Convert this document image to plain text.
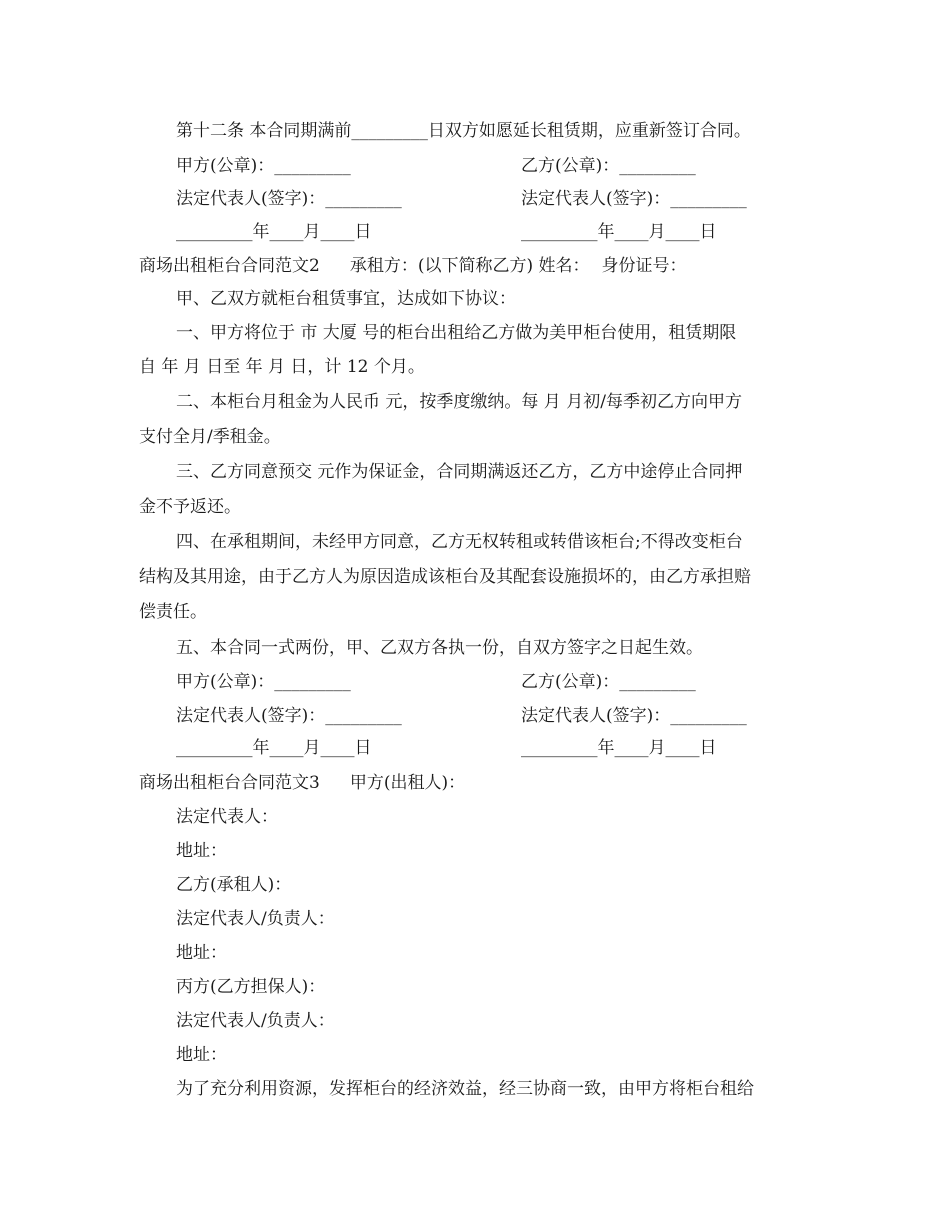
第十二条 本合同期满前_________日双方如愿延长租赁期，应重新签订合同。
甲方(公章)：_________	乙方(公章)：_________
法定代表人(签字)：_________	法定代表人(签字)：_________
_________年____月____日	_________年____月____日
商场出租柜台合同范文2 承租方：(以下简称乙方) 姓名： 身份证号：
甲、乙双方就柜台租赁事宜，达成如下协议：
一、甲方将位于 市 大厦 号的柜台出租给乙方做为美甲柜台使用，租赁期限
自 年 月 日至 年 月 日，计 12 个月。
二、本柜台月租金为人民币 元，按季度缴纳。每 月 月初/每季初乙方向甲方
支付全月/季租金。
三、乙方同意预交 元作为保证金，合同期满返还乙方，乙方中途停止合同押
金不予返还。
四、在承租期间，未经甲方同意，乙方无权转租或转借该柜台;不得改变柜台
结构及其用途，由于乙方人为原因造成该柜台及其配套设施损坏的，由乙方承担赔
偿责任。
五、本合同一式两份，甲、乙双方各执一份，自双方签字之日起生效。
甲方(公章)：_________	乙方(公章)：_________
法定代表人(签字)：_________	法定代表人(签字)：_________
_________年____月____日	_________年____月____日
商场出租柜台合同范文3 甲方(出租人)：
法定代表人：
地址：
乙方(承租人)：
法定代表人/负责人：
地址：
丙方(乙方担保人)：
法定代表人/负责人：
地址：
为了充分利用资源，发挥柜台的经济效益，经三协商一致，由甲方将柜台租给
